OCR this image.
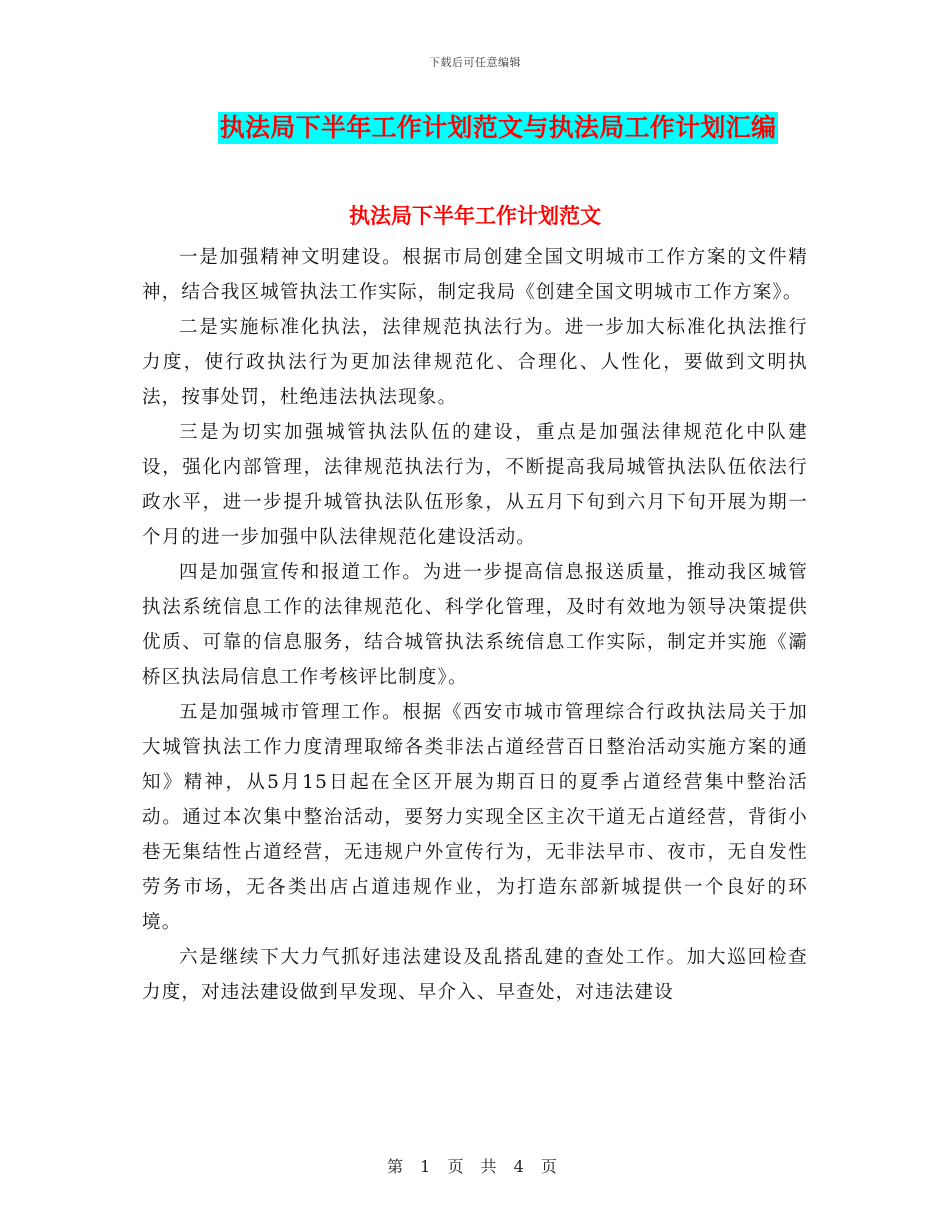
下载后可任意编辑
执法局下半年工作计划范文与执法局工作计划汇编
执法局下半年工作计划范文

一是加强精神文明建设。根据市局创建全国文明城市工作方案的文件精神，结合我区城管执法工作实际，制定我局《创建全国文明城市工作方案》。

二是实施标准化执法，法律规范执法行为。进一步加大标准化执法推行力度，使行政执法行为更加法律规范化、合理化、人性化，要做到文明执法，按事处罚，杜绝违法执法现象。

三是为切实加强城管执法队伍的建设，重点是加强法律规范化中队建设，强化内部管理，法律规范执法行为，不断提高我局城管执法队伍依法行政水平，进一步提升城管执法队伍形象，从五月下旬到六月下旬开展为期一个月的进一步加强中队法律规范化建设活动。

四是加强宣传和报道工作。为进一步提高信息报送质量，推动我区城管执法系统信息工作的法律规范化、科学化管理，及时有效地为领导决策提供优质、可靠的信息服务，结合城管执法系统信息工作实际，制定并实施《灞桥区执法局信息工作考核评比制度》。

五是加强城市管理工作。根据《西安市城市管理综合行政执法局关于加大城管执法工作力度清理取缔各类非法占道经营百日整治活动实施方案的通知》精神，从5月15日起在全区开展为期百日的夏季占道经营集中整治活动。通过本次集中整治活动，要努力实现全区主次干道无占道经营，背街小巷无集结性占道经营，无违规户外宣传行为，无非法早市、夜市，无自发性劳务市场，无各类出店占道违规作业，为打造东部新城提供一个良好的环境。

六是继续下大力气抓好违法建设及乱搭乱建的查处工作。加大巡回检查力度，对违法建设做到早发现、早介入、早查处，对违法建设

第 1 页 共 4 页
